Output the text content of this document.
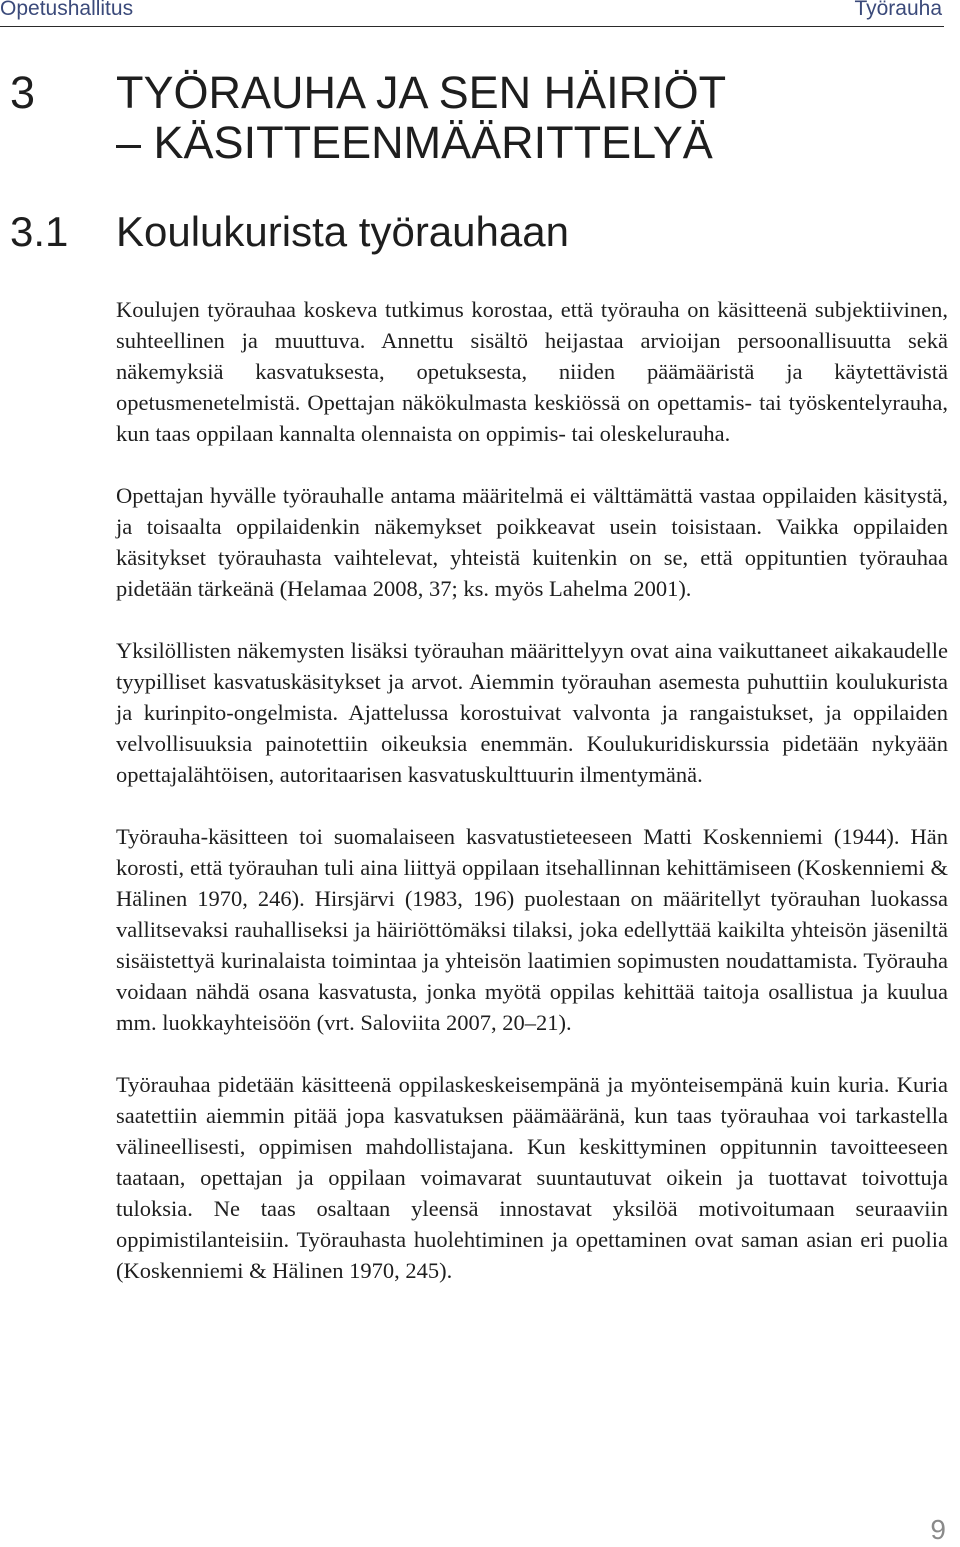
Opetushallitus	Työrauha
3 TYÖRAUHA JA SEN HÄIRIÖT
– KÄSITTEENMÄÄRITTELYÄ
3.1 Koulukurista työrauhaan

Koulujen työrauhaa koskeva tutkimus korostaa, että työrauha on käsitteenä subjektiivinen, suhteellinen ja muuttuva. Annettu sisältö heijastaa arvioijan persoonallisuutta sekä näkemyksiä kasvatuksesta, opetuksesta, niiden päämääristä ja käytettävistä opetusmenetelmistä. Opettajan näkökulmasta keskiössä on opettamis- tai työskentelyrauha, kun taas oppilaan kannalta olennaista on oppimis- tai oleskelurauha.

Opettajan hyvälle työrauhalle antama määritelmä ei välttämättä vastaa oppilaiden käsitystä, ja toisaalta oppilaidenkin näkemykset poikkeavat usein toisistaan. Vaikka oppilaiden käsitykset työrauhasta vaihtelevat, yhteistä kuitenkin on se, että oppituntien työrauhaa pidetään tärkeänä (Helamaa 2008, 37; ks. myös Lahelma 2001).

Yksilöllisten näkemysten lisäksi työrauhan määrittelyyn ovat aina vaikuttaneet aikakaudelle tyypilliset kasvatuskäsitykset ja arvot. Aiemmin työrauhan asemesta puhuttiin koulukurista ja kurinpito-ongelmista. Ajattelussa korostuivat valvonta ja rangaistukset, ja oppilaiden velvollisuuksia painotettiin oikeuksia enemmän. Koulukuridiskurssia pidetään nykyään opettajalähtöisen, autoritaarisen kasvatuskulttuurin ilmentymänä.

Työrauha-käsitteen toi suomalaiseen kasvatustieteeseen Matti Koskenniemi (1944). Hän korosti, että työrauhan tuli aina liittyä oppilaan itsehallinnan kehittämiseen (Koskenniemi & Hälinen 1970, 246). Hirsjärvi (1983, 196) puolestaan on määritellyt työrauhan luokassa vallitsevaksi rauhalliseksi ja häiriöttömäksi tilaksi, joka edellyttää kaikilta yhteisön jäseniltä sisäistettyä kurinalaista toimintaa ja yhteisön laatimien sopimusten noudattamista. Työrauha voidaan nähdä osana kasvatusta, jonka myötä oppilas kehittää taitoja osallistua ja kuulua mm. luokkayhteisöön (vrt. Saloviita 2007, 20–21).

Työrauhaa pidetään käsitteenä oppilaskeskeisempänä ja myönteisempänä kuin kuria. Kuria saatettiin aiemmin pitää jopa kasvatuksen päämääränä, kun taas työrauhaa voi tarkastella välineellisesti, oppimisen mahdollistajana. Kun keskittyminen oppitunnin tavoitteeseen taataan, opettajan ja oppilaan voimavarat suuntautuvat oikein ja tuottavat toivottuja tuloksia. Ne taas osaltaan yleensä innostavat yksilöä motivoitumaan seuraaviin oppimistilanteisiin. Työrauhasta huolehtiminen ja opettaminen ovat saman asian eri puolia (Koskenniemi & Hälinen 1970, 245).

9
